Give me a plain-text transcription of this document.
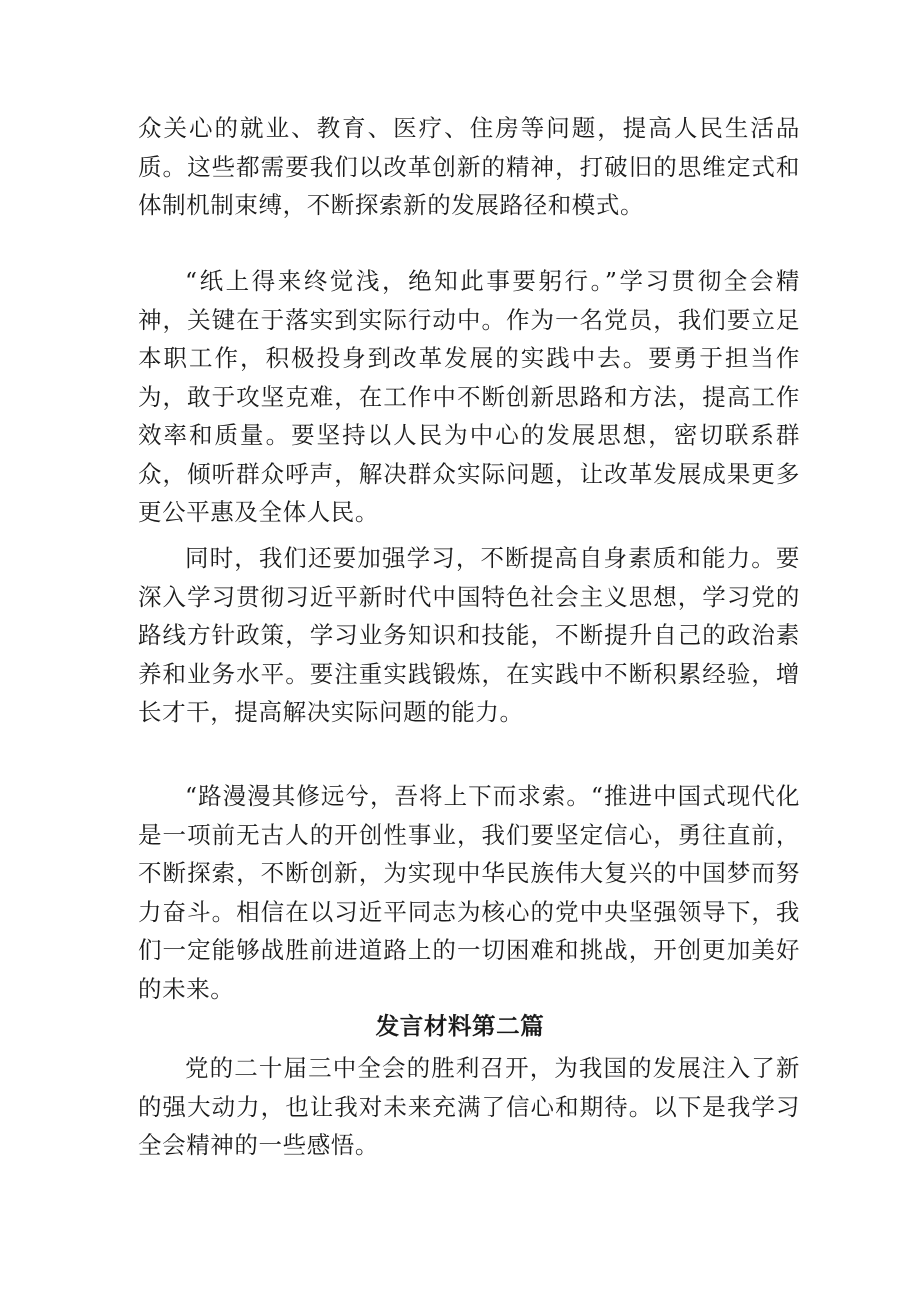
众关心的就业、教育、医疗、住房等问题，提高人民生活品质。这些都需要我们以改革创新的精神，打破旧的思维定式和体制机制束缚，不断探索新的发展路径和模式。

“纸上得来终觉浅，绝知此事要躬行。”学习贯彻全会精神，关键在于落实到实际行动中。作为一名党员，我们要立足本职工作，积极投身到改革发展的实践中去。要勇于担当作为，敢于攻坚克难，在工作中不断创新思路和方法，提高工作效率和质量。要坚持以人民为中心的发展思想，密切联系群众，倾听群众呼声，解决群众实际问题，让改革发展成果更多更公平惠及全体人民。

同时，我们还要加强学习，不断提高自身素质和能力。要深入学习贯彻习近平新时代中国特色社会主义思想，学习党的路线方针政策，学习业务知识和技能，不断提升自己的政治素养和业务水平。要注重实践锻炼，在实践中不断积累经验，增长才干，提高解决实际问题的能力。

“路漫漫其修远兮，吾将上下而求索。“推进中国式现代化是一项前无古人的开创性事业，我们要坚定信心，勇往直前，不断探索，不断创新，为实现中华民族伟大复兴的中国梦而努力奋斗。相信在以习近平同志为核心的党中央坚强领导下，我们一定能够战胜前进道路上的一切困难和挑战，开创更加美好的未来。

发言材料第二篇

党的二十届三中全会的胜利召开，为我国的发展注入了新的强大动力，也让我对未来充满了信心和期待。以下是我学习全会精神的一些感悟。
